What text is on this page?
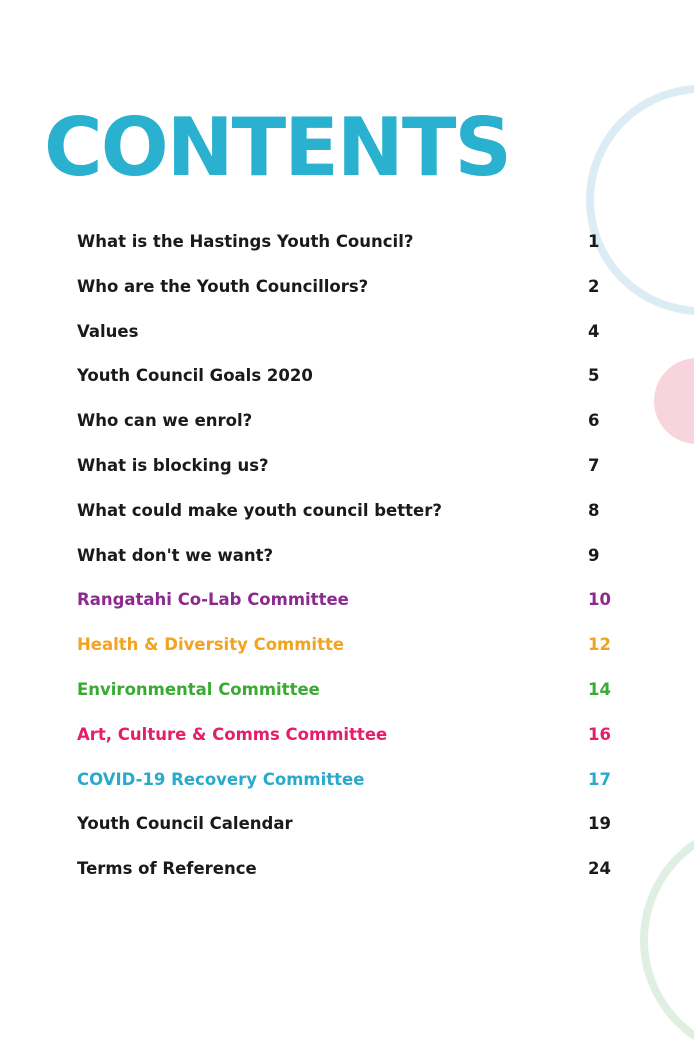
CONTENTS
What is the Hastings Youth Council?	1
Who are the Youth Councillors?	2
Values	4
Youth Council Goals 2020	5
Who can we enrol?	6
What is blocking us?	7
What could make youth council better?	8
What don't we want?	9
Rangatahi Co-Lab Committee	10
Health & Diversity Committe	12
Environmental Committee	14
Art, Culture & Comms Committee	16
COVID-19 Recovery Committee	17
Youth Council Calendar	19
Terms of Reference	24
